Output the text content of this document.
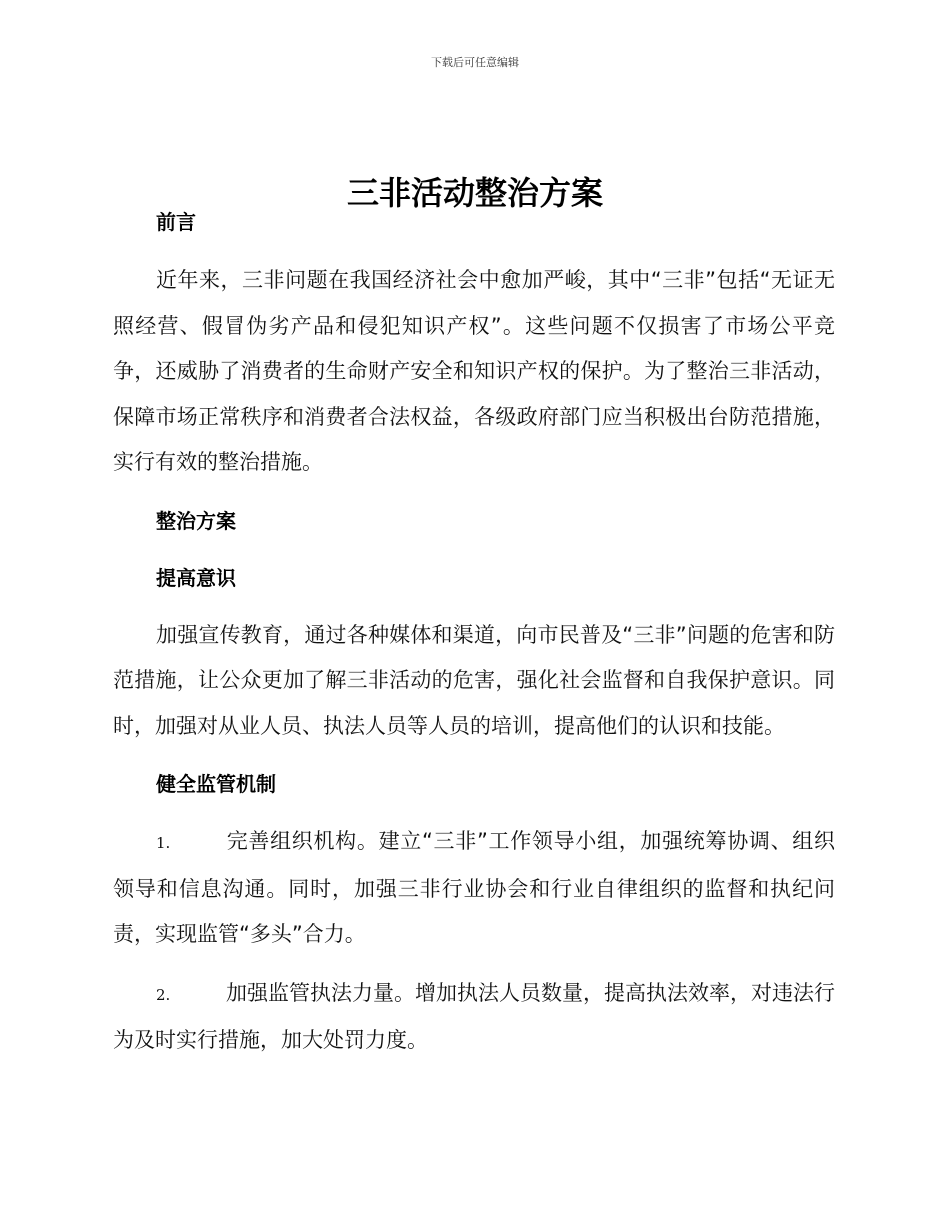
下载后可任意编辑
三非活动整治方案

前言

近年来，三非问题在我国经济社会中愈加严峻，其中“三非”包括“无证无照经营、假冒伪劣产品和侵犯知识产权”。这些问题不仅损害了市场公平竞争，还威胁了消费者的生命财产安全和知识产权的保护。为了整治三非活动，保障市场正常秩序和消费者合法权益，各级政府部门应当积极出台防范措施，实行有效的整治措施。

整治方案

提高意识

加强宣传教育，通过各种媒体和渠道，向市民普及“三非”问题的危害和防范措施，让公众更加了解三非活动的危害，强化社会监督和自我保护意识。同时，加强对从业人员、执法人员等人员的培训，提高他们的认识和技能。

健全监管机制

1.	完善组织机构。建立“三非”工作领导小组，加强统筹协调、组织领导和信息沟通。同时，加强三非行业协会和行业自律组织的监督和执纪问责，实现监管“多头”合力。

2.	加强监管执法力量。增加执法人员数量，提高执法效率，对违法行为及时实行措施，加大处罚力度。
